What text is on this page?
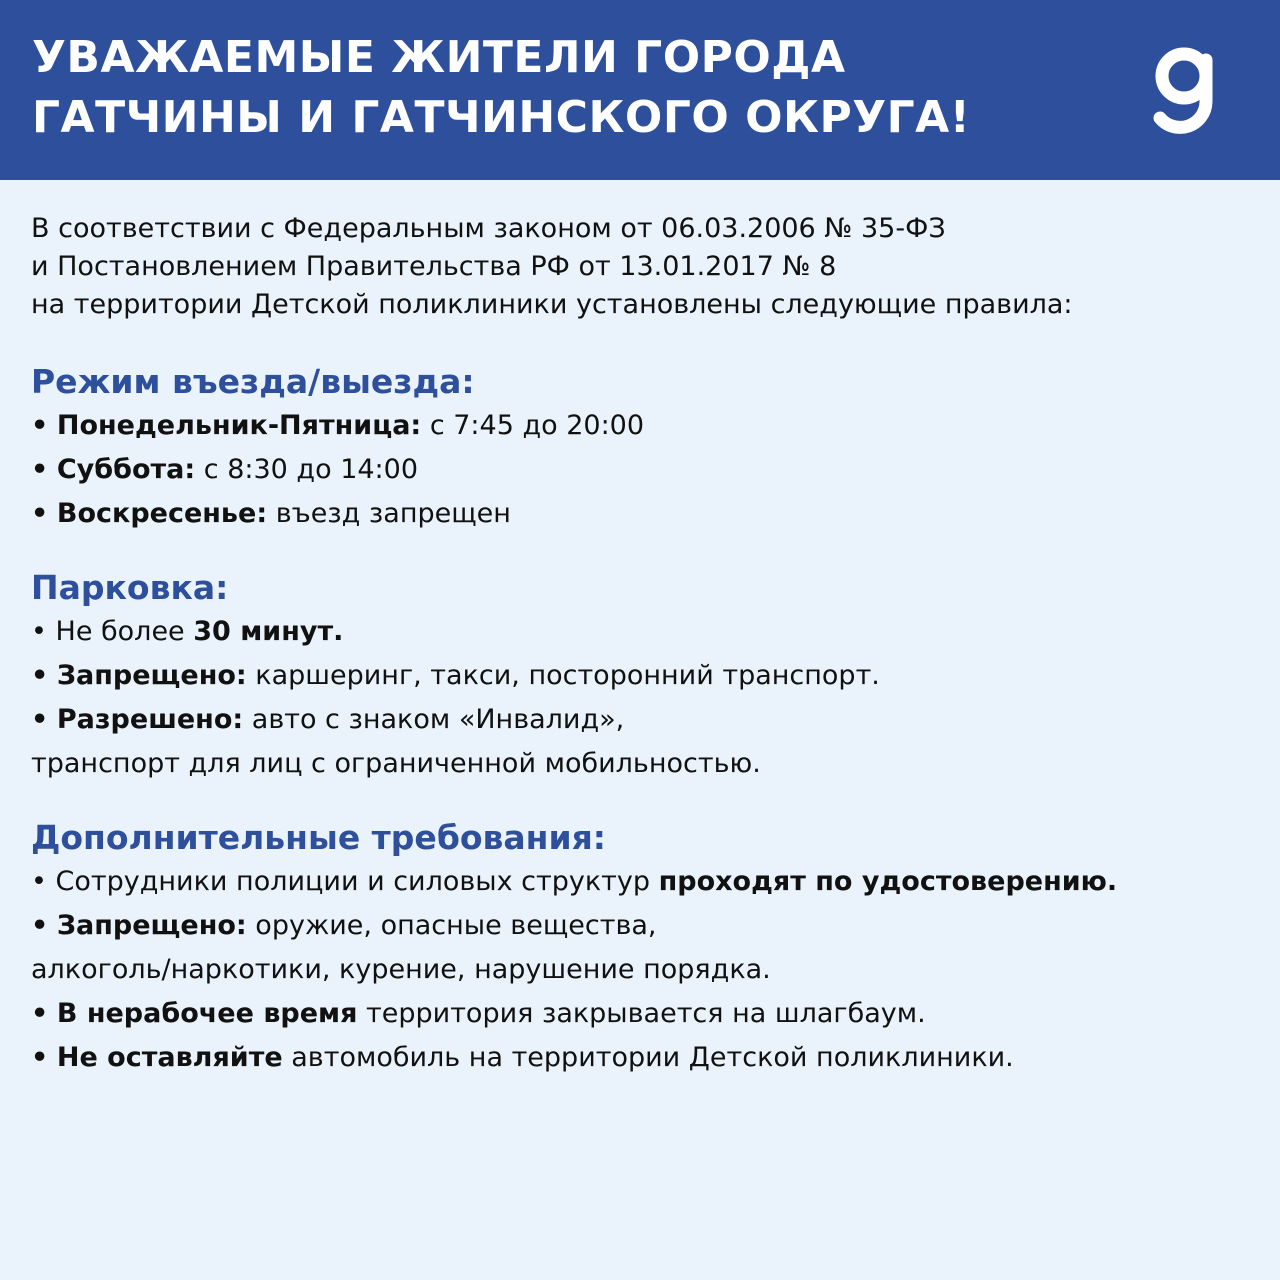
УВАЖАЕМЫЕ ЖИТЕЛИ ГОРОДА
ГАТЧИНЫ И ГАТЧИНСКОГО ОКРУГА!

В соответствии с Федеральным законом от 06.03.2006 № 35-ФЗ
и Постановлением Правительства РФ от 13.01.2017 № 8
на территории Детской поликлиники установлены следующие правила:

Режим въезда/выезда:

• Понедельник-Пятница: с 7:45 до 20:00

• Суббота: с 8:30 до 14:00

• Воскресенье: въезд запрещен

Парковка:

• Не более 30 минут.

• Запрещено: каршеринг, такси, посторонний транспорт.

• Разрешено: авто с знаком «Инвалид»,

транспорт для лиц с ограниченной мобильностью.

Дополнительные требования:

• Сотрудники полиции и силовых структур проходят по удостоверению.

• Запрещено: оружие, опасные вещества,

алкоголь/наркотики, курение, нарушение порядка.

• В нерабочее время территория закрывается на шлагбаум.

• Не оставляйте автомобиль на территории Детской поликлиники.
